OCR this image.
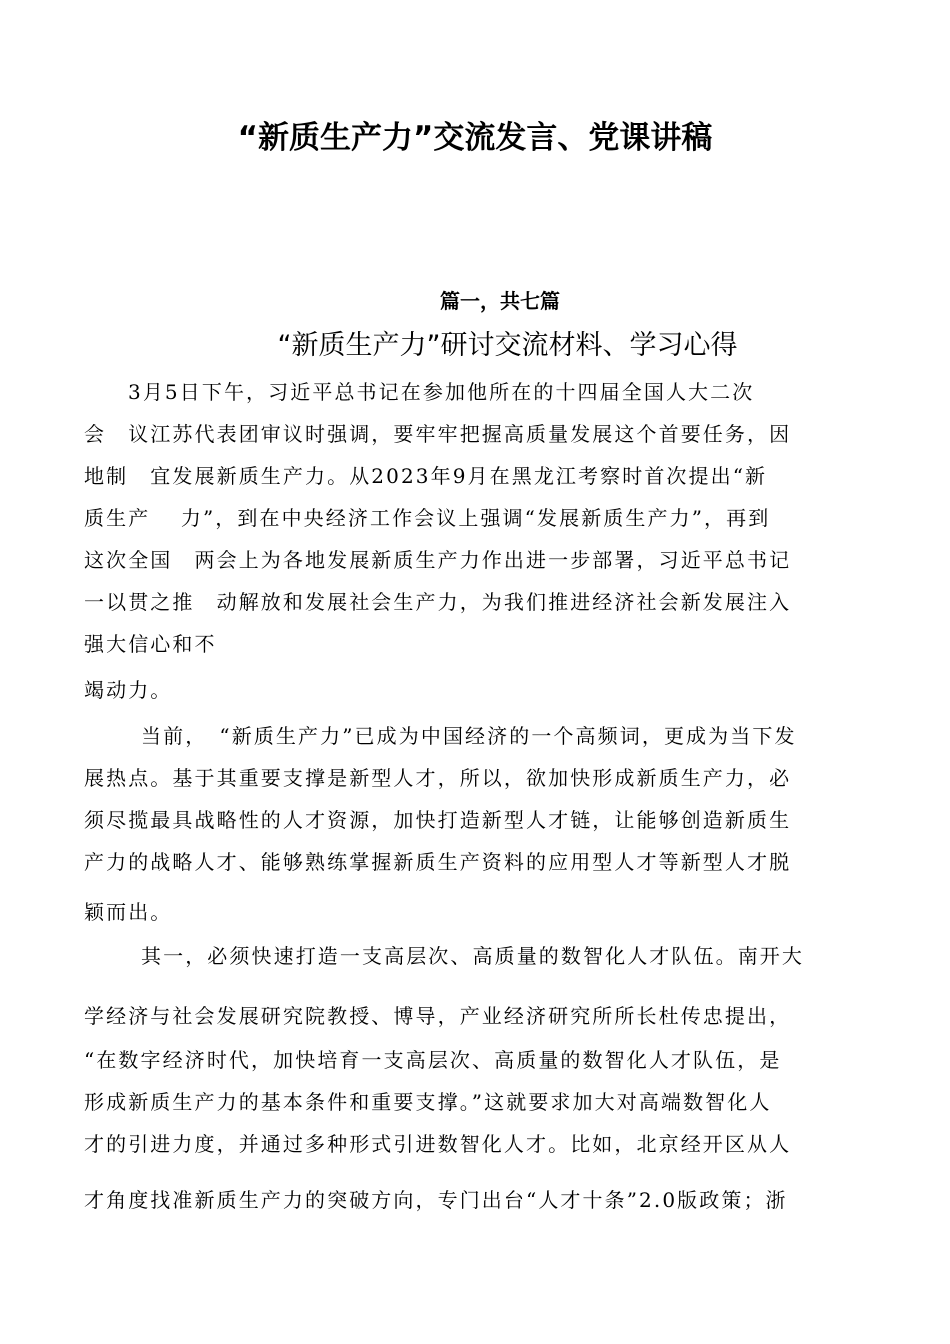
“新质生产力”交流发言、党课讲稿
篇一，共七篇
“新质生产力”研讨交流材料、学习心得
3月5日下午，习近平总书记在参加他所在的十四届全国人大二次
会　议江苏代表团审议时强调，要牢牢把握高质量发展这个首要任务，因
地制　宜发展新质生产力。从2023年9月在黑龙江考察时首次提出“新
质生产　 力”，到在中央经济工作会议上强调“发展新质生产力”，再到
这次全国　两会上为各地发展新质生产力作出进一步部署，习近平总书记
一以贯之推　动解放和发展社会生产力，为我们推进经济社会新发展注入
强大信心和不
竭动力。
当前，　“新质生产力”已成为中国经济的一个高频词，更成为当下发
展热点。基于其重要支撑是新型人才，所以，欲加快形成新质生产力，必
须尽揽最具战略性的人才资源，加快打造新型人才链，让能够创造新质生
产力的战略人才、能够熟练掌握新质生产资料的应用型人才等新型人才脱
颖而出。
其一，必须快速打造一支高层次、高质量的数智化人才队伍。南开大
学经济与社会发展研究院教授、博导，产业经济研究所所长杜传忠提出，
“在数字经济时代，加快培育一支高层次、高质量的数智化人才队伍，是
形成新质生产力的基本条件和重要支撑。”这就要求加大对高端数智化人
才的引进力度，并通过多种形式引进数智化人才。比如，北京经开区从人
才角度找准新质生产力的突破方向，专门出台“人才十条”2.0版政策；浙
